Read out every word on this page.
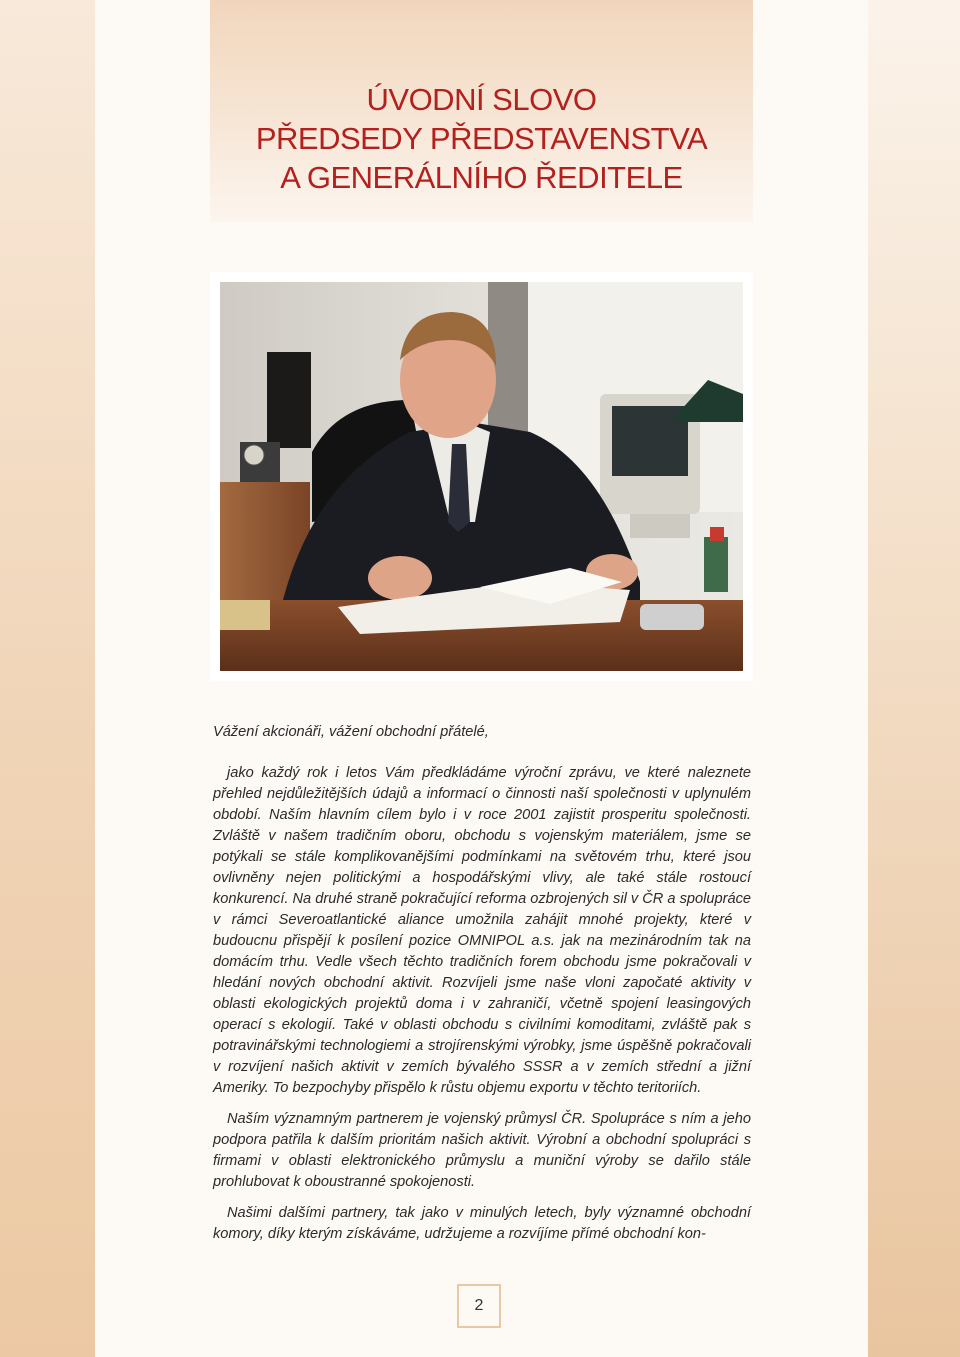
ÚVODNÍ SLOVO
PŘEDSEDY PŘEDSTAVENSTVA
A GENERÁLNÍHO ŘEDITELE

Vážení akcionáři, vážení obchodní přátelé,

jako každý rok i letos Vám předkládáme výroční zprávu, ve které naleznete přehled nejdůležitějších údajů a informací o činnosti naší společnosti v uplynulém období. Naším hlavním cílem bylo i v roce 2001 zajistit prosperitu společnosti. Zvláště v našem tradičním oboru, obchodu s vojenským materiálem, jsme se potýkali se stále komplikovanějšími podmínkami na světovém trhu, které jsou ovlivněny nejen politickými a hospodářskými vlivy, ale také stále rostoucí konkurencí. Na druhé straně pokračující reforma ozbrojených sil v ČR a spolupráce v rámci Severoatlantické aliance umožnila zahájit mnohé projekty, které v budoucnu přispějí k posílení pozice OMNIPOL a.s. jak na mezinárodním tak na domácím trhu. Vedle všech těchto tradičních forem obchodu jsme pokračovali v hledání nových obchodní aktivit. Rozvíjeli jsme naše vloni započaté aktivity v oblasti ekologických projektů doma i v zahraničí, včetně spojení leasingových operací s ekologií. Také v oblasti obchodu s civilními komoditami, zvláště pak s potravinářskými technologiemi a strojírenskými výrobky, jsme úspěšně pokračovali v rozvíjení našich aktivit v zemích bývalého SSSR a v zemích střední a jižní Ameriky. To bezpochyby přispělo k růstu objemu exportu v těchto teritoriích.

Naším významným partnerem je vojenský průmysl ČR. Spolupráce s ním a jeho podpora patřila k dalším prioritám našich aktivit. Výrobní a obchodní spolupráci s firmami v oblasti elektronického průmyslu a muniční výroby se dařilo stále prohlubovat k oboustranné spokojenosti.

Našimi dalšími partnery, tak jako v minulých letech, byly významné obchodní komory, díky kterým získáváme, udržujeme a rozvíjíme přímé obchodní kon-

2
